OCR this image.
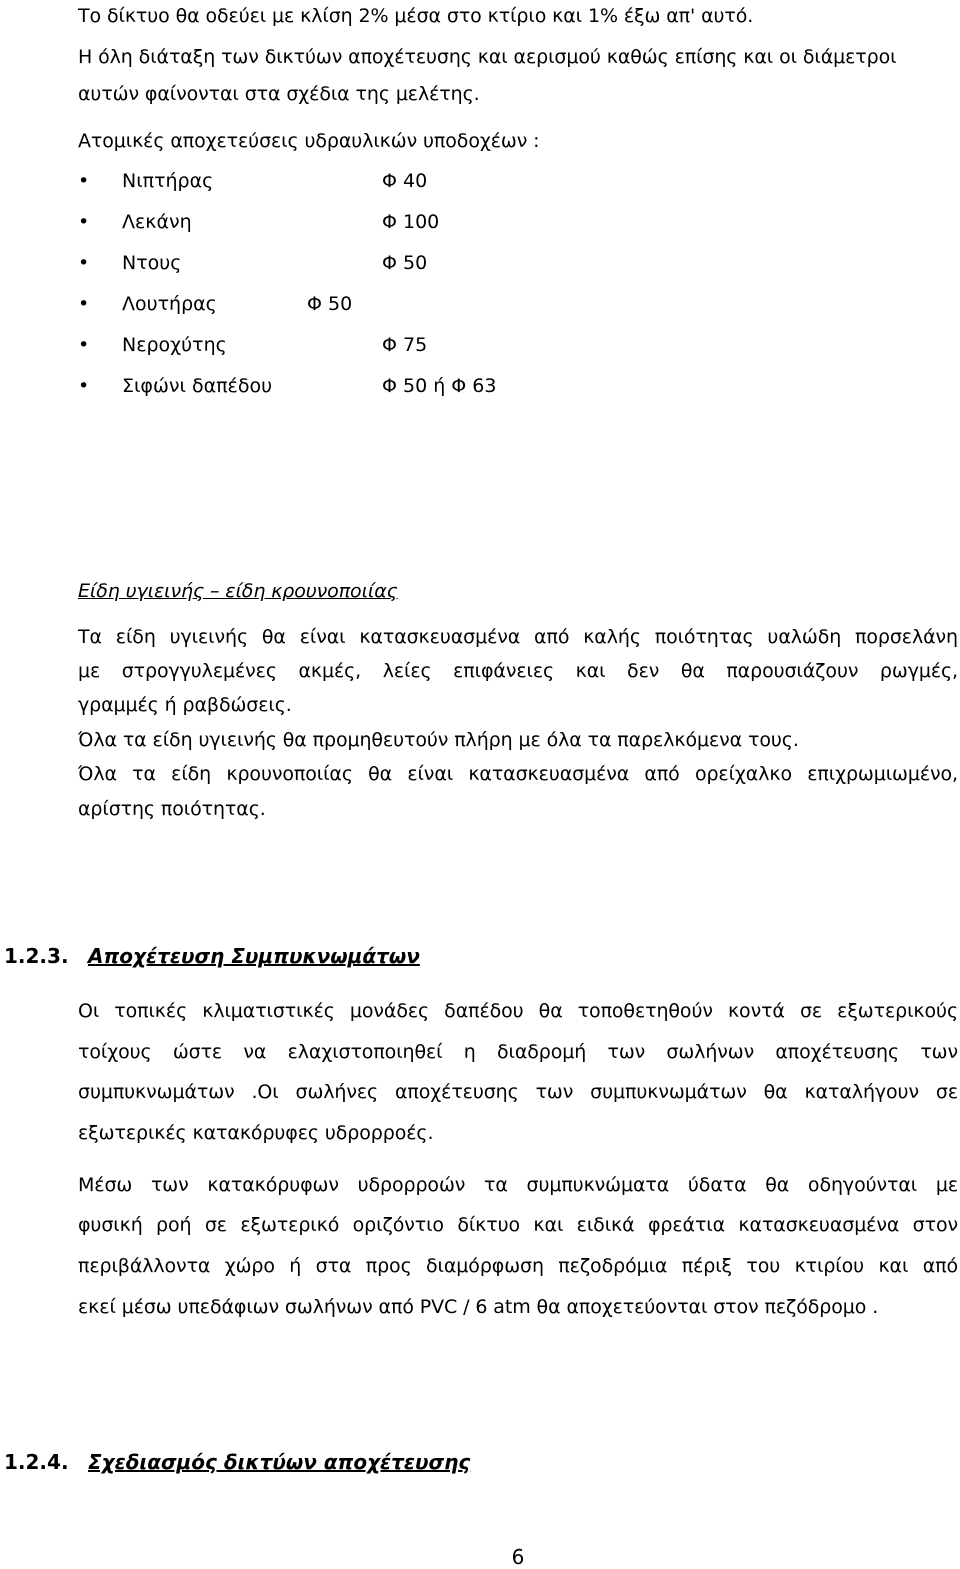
Το δίκτυο θα οδεύει με κλίση 2% μέσα στο κτίριο και 1% έξω απ' αυτό.
Η όλη διάταξη των δικτύων αποχέτευσης και αερισμού καθώς επίσης και οι διάμετροι
αυτών φαίνονται στα σχέδια της μελέτης.
Ατομικές αποχετεύσεις υδραυλικών υποδοχέων :
• Νιπτήρας	Φ 40
• Λεκάνη	Φ 100
• Ντους	Φ 50
• Λουτήρας	Φ 50
• Νεροχύτης	Φ 75
• Σιφώνι δαπέδου	Φ 50 ή Φ 63
Είδη υγιεινής – είδη κρουνοποιίας
Τα είδη υγιεινής θα είναι κατασκευασμένα από καλής ποιότητας υαλώδη πορσελάνη
με στρογγυλεμένες ακμές, λείες επιφάνειες και δεν θα παρουσιάζουν ρωγμές,
γραμμές ή ραβδώσεις.
Όλα τα είδη υγιεινής θα προμηθευτούν πλήρη με όλα τα παρελκόμενα τους.
Όλα τα είδη κρουνοποιίας θα είναι κατασκευασμένα από ορείχαλκο επιχρωμιωμένο,
αρίστης ποιότητας.
1.2.3. Αποχέτευση Συμπυκνωμάτων
Οι τοπικές κλιματιστικές μονάδες δαπέδου θα τοποθετηθούν κοντά σε εξωτερικούς
τοίχους ώστε να ελαχιστοποιηθεί η διαδρομή των σωλήνων αποχέτευσης των
συμπυκνωμάτων .Οι σωλήνες αποχέτευσης των συμπυκνωμάτων θα καταλήγουν σε
εξωτερικές κατακόρυφες υδρορροές.
Μέσω των κατακόρυφων υδρορροών τα συμπυκνώματα ύδατα θα οδηγούνται με
φυσική ροή σε εξωτερικό οριζόντιο δίκτυο και ειδικά φρεάτια κατασκευασμένα στον
περιβάλλοντα χώρο ή στα προς διαμόρφωση πεζοδρόμια πέριξ του κτιρίου και από
εκεί μέσω υπεδάφιων σωλήνων από PVC / 6 atm θα αποχετεύονται στον πεζόδρομο .
1.2.4. Σχεδιασμός δικτύων αποχέτευσης
6
